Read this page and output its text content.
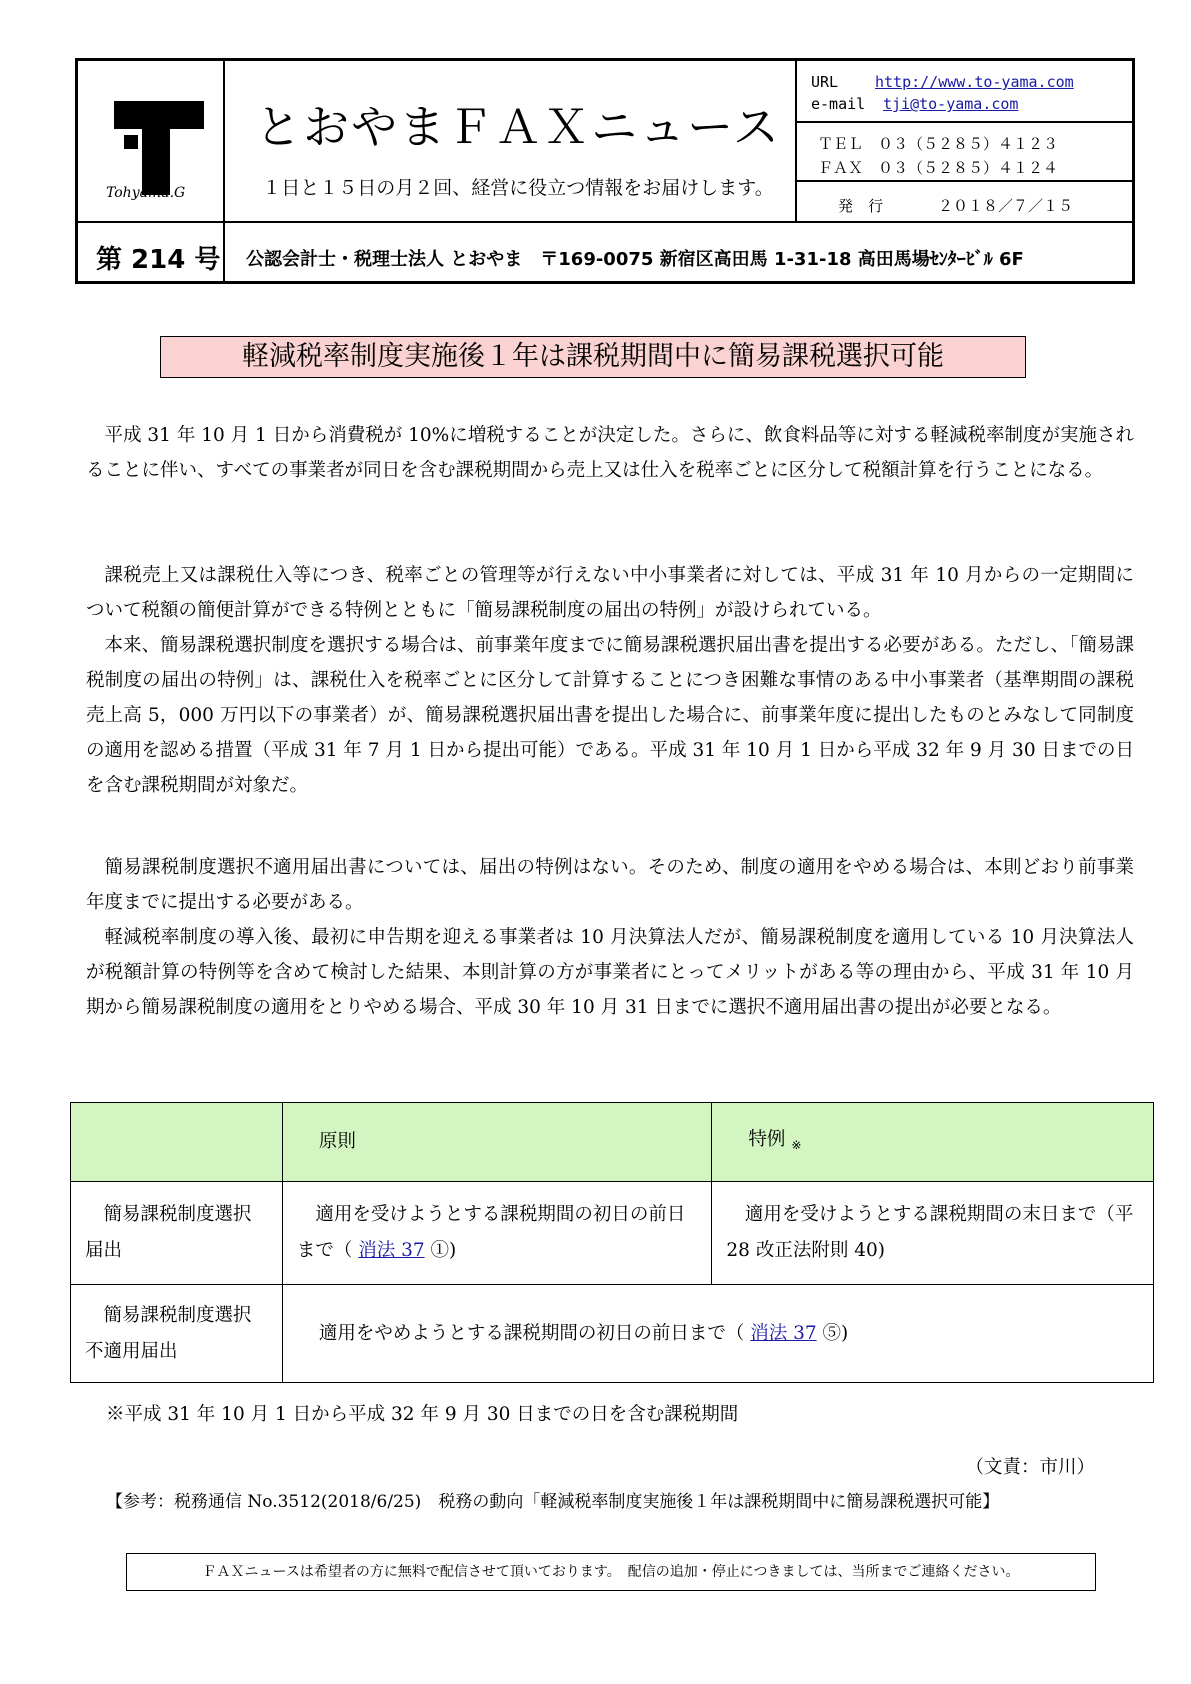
Tohyama.G
とおやまＦＡＸニュース
１日と１５日の月２回、経営に役立つ情報をお届けします。
URL http://www.to-yama.com
e-mail tji@to-yama.com
ＴＥＬ　０３（５２８５）４１２３
ＦＡＸ　０３（５２８５）４１２４
発　行	２０１８／７／１５
第 214 号 公認会計士・税理士法人 とおやま　〒169-0075 新宿区高田馬 1-31-18 高田馬場ｾﾝﾀｰﾋﾞﾙ 6F
軽減税率制度実施後１年は課税期間中に簡易課税選択可能

平成 31 年 10 月 1 日から消費税が 10%に増税することが決定した。さらに、飲食料品等に対する軽減税率制度が実施されることに伴い、すべての事業者が同日を含む課税期間から売上又は仕入を税率ごとに区分して税額計算を行うことになる。

課税売上又は課税仕入等につき、税率ごとの管理等が行えない中小事業者に対しては、平成 31 年 10 月からの一定期間について税額の簡便計算ができる特例とともに「簡易課税制度の届出の特例」が設けられている。

本来、簡易課税選択制度を選択する場合は、前事業年度までに簡易課税選択届出書を提出する必要がある。ただし、「簡易課税制度の届出の特例」は、課税仕入を税率ごとに区分して計算することにつき困難な事情のある中小事業者（基準期間の課税売上高 5，000 万円以下の事業者）が、簡易課税選択届出書を提出した場合に、前事業年度に提出したものとみなして同制度の適用を認める措置（平成 31 年 7 月 1 日から提出可能）である。平成 31 年 10 月 1 日から平成 32 年 9 月 30 日までの日を含む課税期間が対象だ。

簡易課税制度選択不適用届出書については、届出の特例はない。そのため、制度の適用をやめる場合は、本則どおり前事業年度までに提出する必要がある。

軽減税率制度の導入後、最初に申告期を迎える事業者は 10 月決算法人だが、簡易課税制度を適用している 10 月決算法人が税額計算の特例等を含めて検討した結果、本則計算の方が事業者にとってメリットがある等の理由から、平成 31 年 10 月期から簡易課税制度の適用をとりやめる場合、平成 30 年 10 月 31 日までに選択不適用届出書の提出が必要となる。

	原則	特例 $_※$
簡易課税制度選択 届出	適用を受けようとする課税期間の初日の前日まで（ 消法 37 ①)	適用を受けようとする課税期間の末日まで（平 28 改正法附則 40)
簡易課税制度選択 不適用届出	適用をやめようとする課税期間の初日の前日まで（ 消法 37 ⑤)	
※平成 31 年 10 月 1 日から平成 32 年 9 月 30 日までの日を含む課税期間
（文責：市川）
【参考：税務通信 No.3512(2018/6/25)　税務の動向「軽減税率制度実施後１年は課税期間中に簡易課税選択可能】
ＦＡＸニュースは希望者の方に無料で配信させて頂いております。　配信の追加・停止につきましては、当所までご連絡ください。
